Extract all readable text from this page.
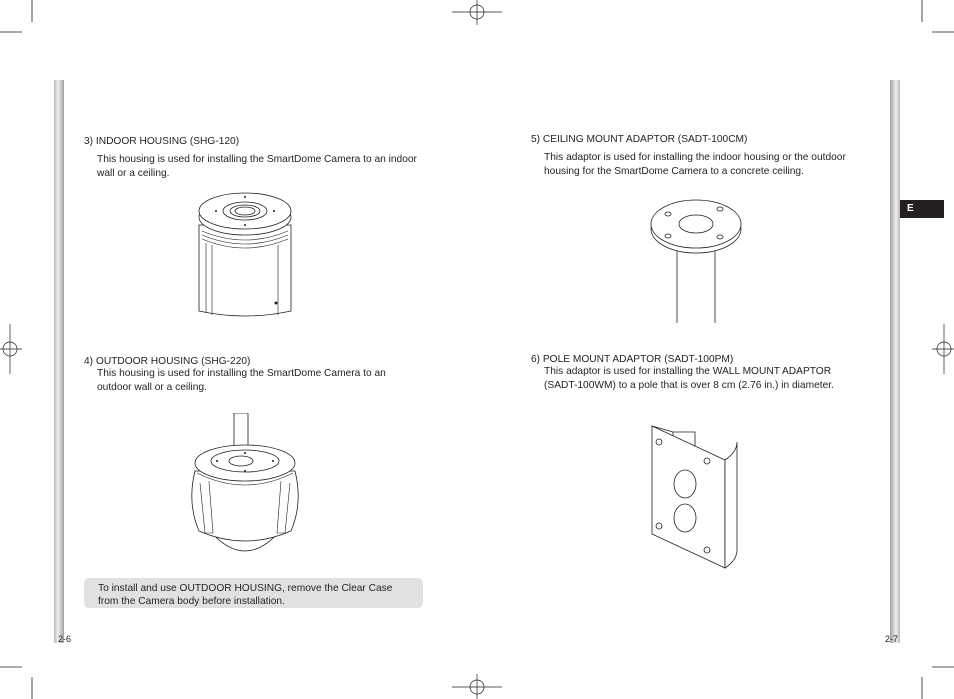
E
3) INDOOR HOUSING (SHG-120)
This housing is used for installing the SmartDome Camera to an indoor
wall or a ceiling.
4) OUTDOOR HOUSING (SHG-220)
This housing is used for installing the SmartDome Camera to an
outdoor wall or a ceiling.
To install and use OUTDOOR HOUSING, remove the Clear Case
from the Camera body before installation.
2-6
5) CEILING MOUNT ADAPTOR (SADT-100CM)
This adaptor is used for installing the indoor housing or the outdoor
housing for the SmartDome Camera to a concrete ceiling.
6) POLE MOUNT ADAPTOR (SADT-100PM)
This adaptor is used for installing the WALL MOUNT ADAPTOR
(SADT-100WM) to a pole that is over 8 cm (2.76 in.) in diameter.
2-7
